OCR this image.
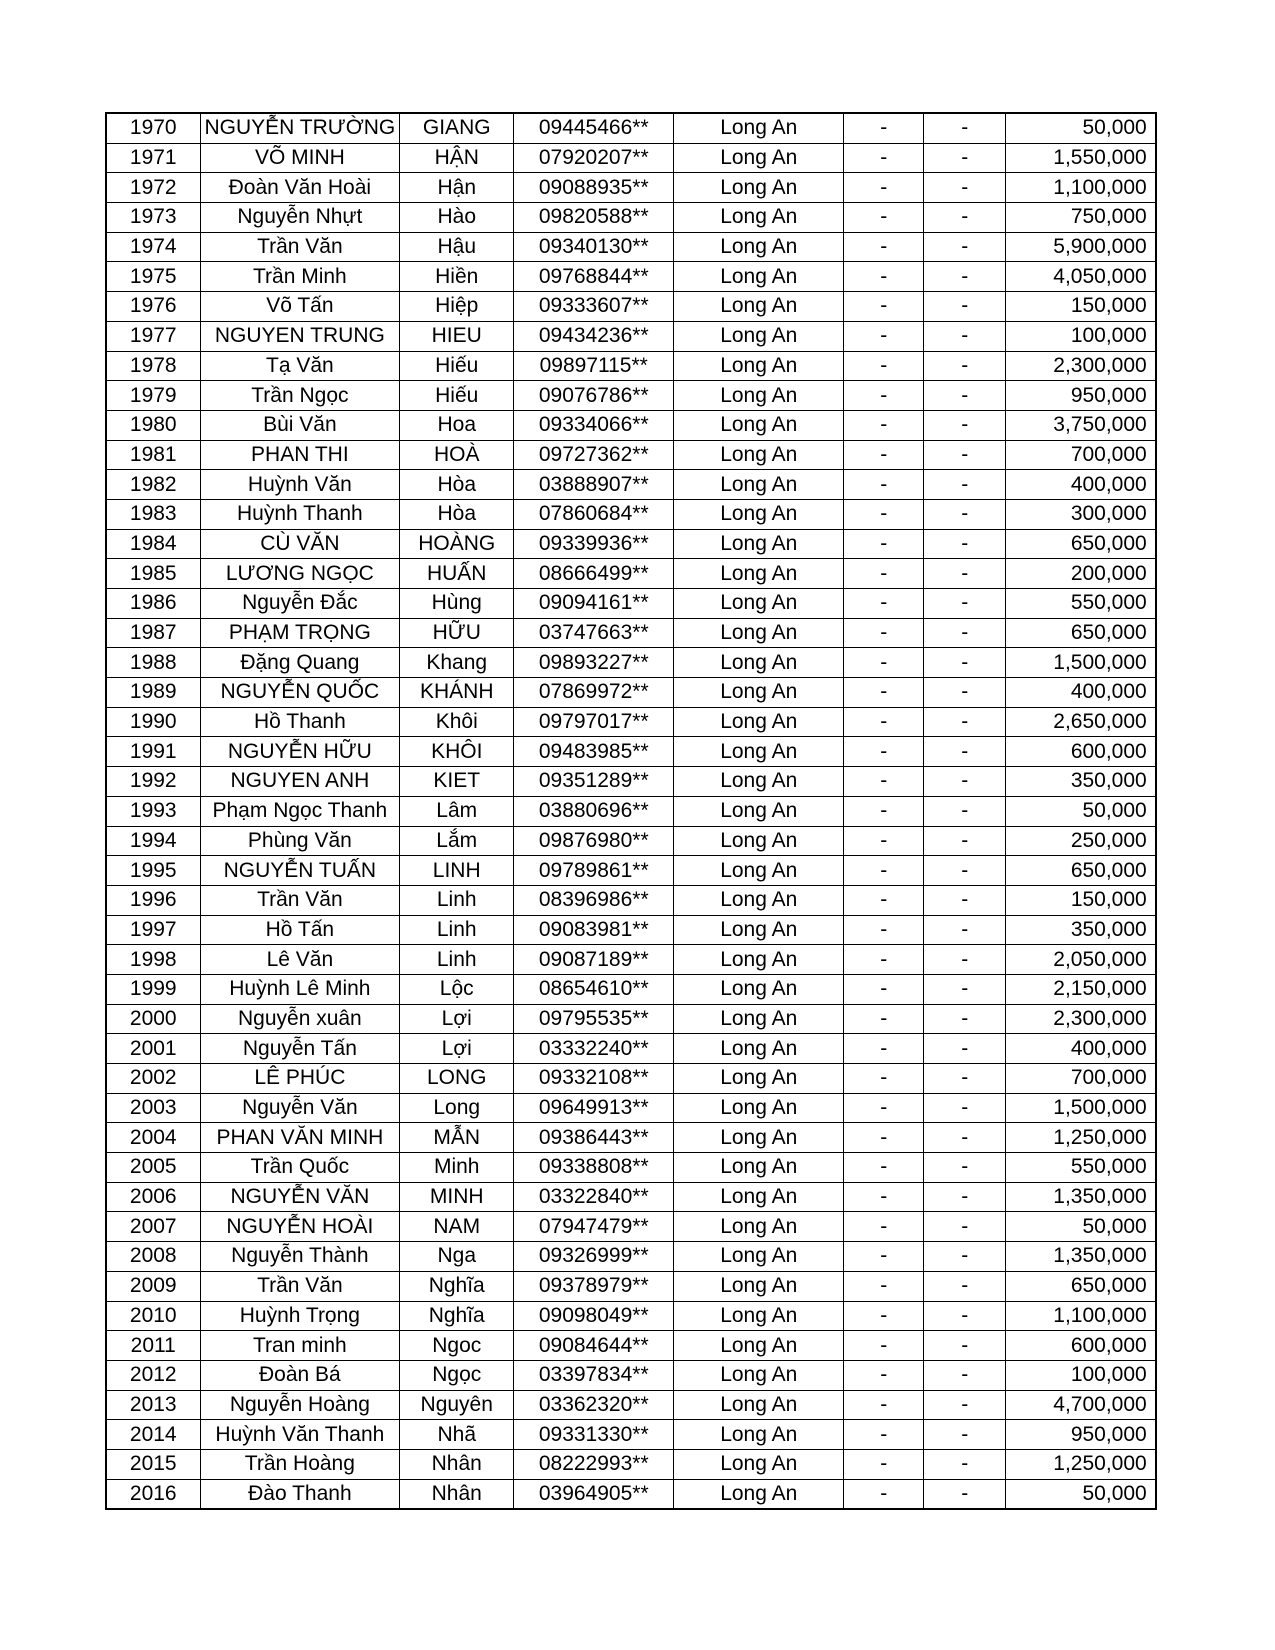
1970	NGUYỄN TRƯỜNG	GIANG	09445466**	Long An	-	-	50,000
1971	VÕ MINH	HẬN	07920207**	Long An	-	-	1,550,000
1972	Đoàn Văn Hoài	Hận	09088935**	Long An	-	-	1,100,000
1973	Nguyễn Nhựt	Hào	09820588**	Long An	-	-	750,000
1974	Trần Văn	Hậu	09340130**	Long An	-	-	5,900,000
1975	Trần Minh	Hiền	09768844**	Long An	-	-	4,050,000
1976	Võ Tấn	Hiệp	09333607**	Long An	-	-	150,000
1977	NGUYEN TRUNG	HIEU	09434236**	Long An	-	-	100,000
1978	Tạ Văn	Hiếu	09897115**	Long An	-	-	2,300,000
1979	Trần Ngọc	Hiếu	09076786**	Long An	-	-	950,000
1980	Bùi Văn	Hoa	09334066**	Long An	-	-	3,750,000
1981	PHAN THI	HOÀ	09727362**	Long An	-	-	700,000
1982	Huỳnh Văn	Hòa	03888907**	Long An	-	-	400,000
1983	Huỳnh Thanh	Hòa	07860684**	Long An	-	-	300,000
1984	CÙ VĂN	HOÀNG	09339936**	Long An	-	-	650,000
1985	LƯƠNG NGỌC	HUẤN	08666499**	Long An	-	-	200,000
1986	Nguyễn Đắc	Hùng	09094161**	Long An	-	-	550,000
1987	PHẠM TRỌNG	HỮU	03747663**	Long An	-	-	650,000
1988	Đặng Quang	Khang	09893227**	Long An	-	-	1,500,000
1989	NGUYỄN QUỐC	KHÁNH	07869972**	Long An	-	-	400,000
1990	Hồ Thanh	Khôi	09797017**	Long An	-	-	2,650,000
1991	NGUYỄN HỮU	KHÔI	09483985**	Long An	-	-	600,000
1992	NGUYEN ANH	KIET	09351289**	Long An	-	-	350,000
1993	Phạm Ngọc Thanh	Lâm	03880696**	Long An	-	-	50,000
1994	Phùng Văn	Lắm	09876980**	Long An	-	-	250,000
1995	NGUYỄN TUẤN	LINH	09789861**	Long An	-	-	650,000
1996	Trần Văn	Linh	08396986**	Long An	-	-	150,000
1997	Hồ Tấn	Linh	09083981**	Long An	-	-	350,000
1998	Lê Văn	Linh	09087189**	Long An	-	-	2,050,000
1999	Huỳnh Lê Minh	Lộc	08654610**	Long An	-	-	2,150,000
2000	Nguyễn xuân	Lợi	09795535**	Long An	-	-	2,300,000
2001	Nguyễn Tấn	Lợi	03332240**	Long An	-	-	400,000
2002	LÊ PHÚC	LONG	09332108**	Long An	-	-	700,000
2003	Nguyễn Văn	Long	09649913**	Long An	-	-	1,500,000
2004	PHAN VĂN MINH	MẪN	09386443**	Long An	-	-	1,250,000
2005	Trần Quốc	Minh	09338808**	Long An	-	-	550,000
2006	NGUYỄN VĂN	MINH	03322840**	Long An	-	-	1,350,000
2007	NGUYỄN HOÀI	NAM	07947479**	Long An	-	-	50,000
2008	Nguyễn Thành	Nga	09326999**	Long An	-	-	1,350,000
2009	Trần Văn	Nghĩa	09378979**	Long An	-	-	650,000
2010	Huỳnh Trọng	Nghĩa	09098049**	Long An	-	-	1,100,000
2011	Tran minh	Ngoc	09084644**	Long An	-	-	600,000
2012	Đoàn Bá	Ngọc	03397834**	Long An	-	-	100,000
2013	Nguyễn Hoàng	Nguyên	03362320**	Long An	-	-	4,700,000
2014	Huỳnh Văn Thanh	Nhã	09331330**	Long An	-	-	950,000
2015	Trần Hoàng	Nhân	08222993**	Long An	-	-	1,250,000
2016	Đào Thanh	Nhân	03964905**	Long An	-	-	50,000
